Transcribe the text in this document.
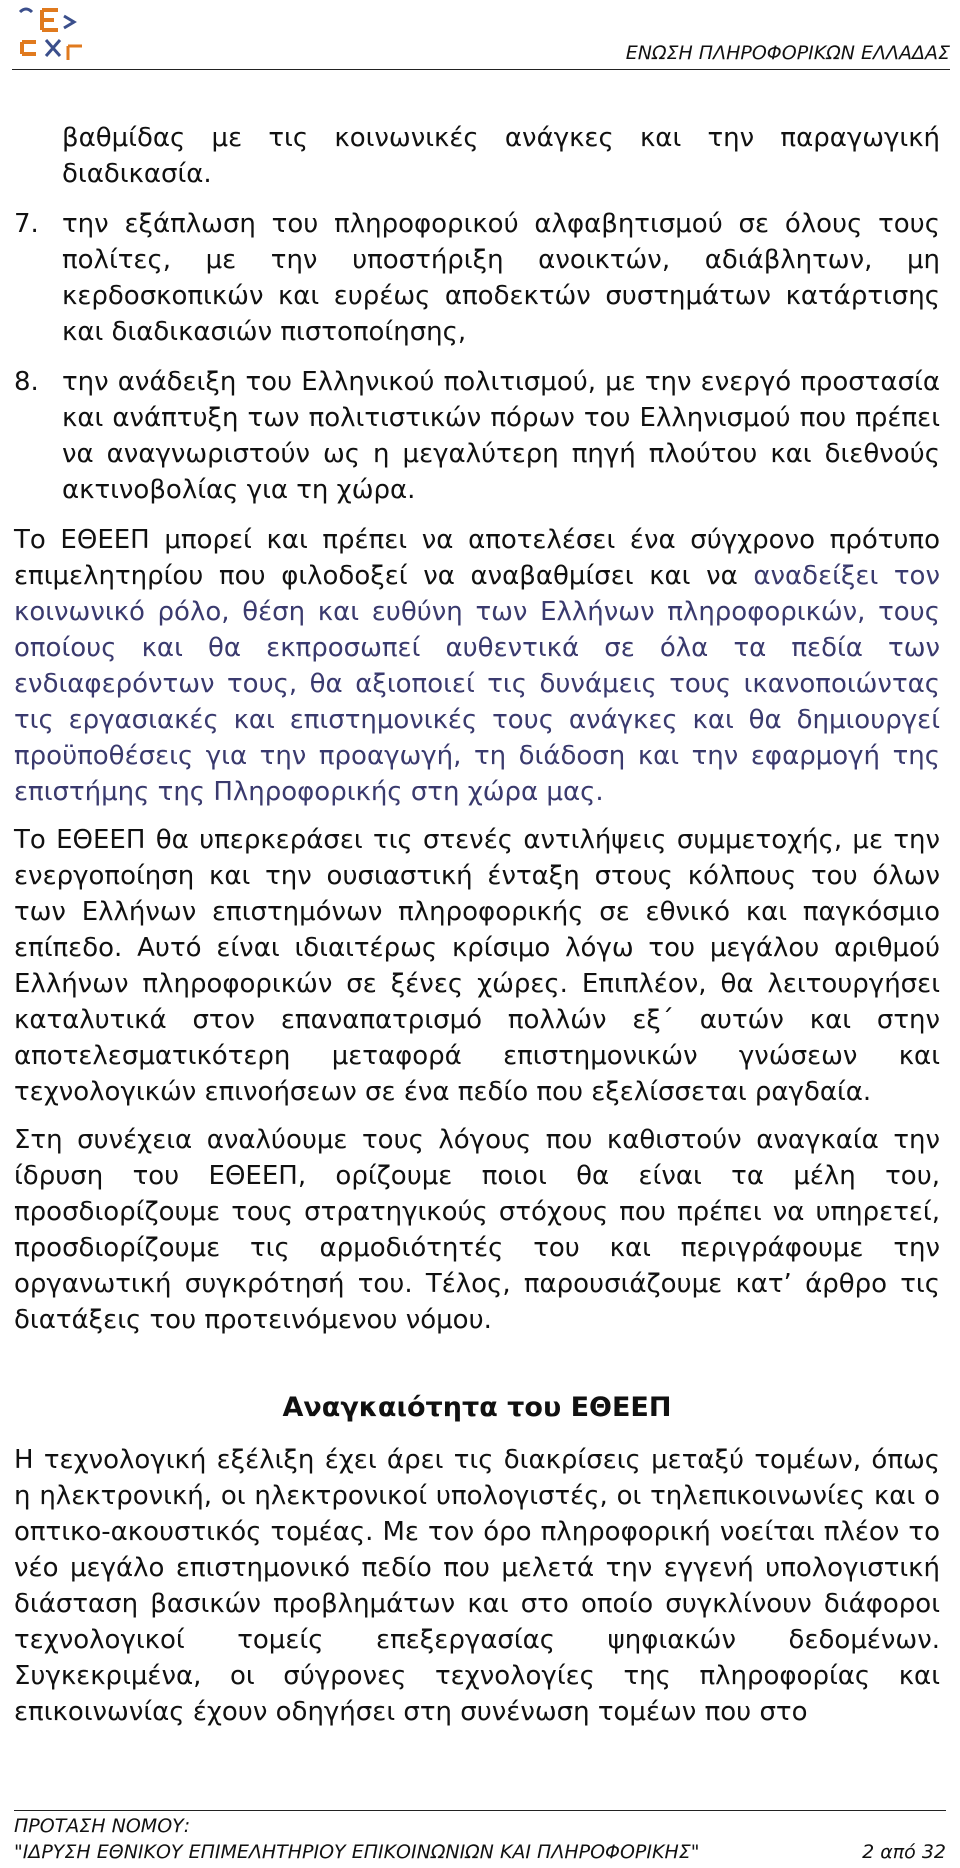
ΕΝΩΣΗ ΠΛΗΡΟΦΟΡΙΚΩΝ ΕΛΛΑΔΑΣ
βαθμίδας με τις κοινωνικές ανάγκες και την παραγωγική διαδικασία.
7. την εξάπλωση του πληροφορικού αλφαβητισμού σε όλους τους πολίτες, με την υποστήριξη ανοικτών, αδιάβλητων, μη κερδοσκοπικών και ευρέως αποδεκτών συστημάτων κατάρτισης και διαδικασιών πιστοποίησης,
8. την ανάδειξη του Ελληνικού πολιτισμού, με την ενεργό προστασία και ανάπτυξη των πολιτιστικών πόρων του Ελληνισμού που πρέπει να αναγνωριστούν ως η μεγαλύτερη πηγή πλούτου και διεθνούς ακτινοβολίας για τη χώρα.

Το ΕΘΕΕΠ μπορεί και πρέπει να αποτελέσει ένα σύγχρονο πρότυπο επιμελητηρίου που φιλοδοξεί να αναβαθμίσει και να αναδείξει τον κοινωνικό ρόλο, θέση και ευθύνη των Ελλήνων πληροφορικών, τους οποίους και θα εκπροσωπεί αυθεντικά σε όλα τα πεδία των ενδιαφερόντων τους, θα αξιοποιεί τις δυνάμεις τους ικανοποιώντας τις εργασιακές και επιστημονικές τους ανάγκες και θα δημιουργεί προϋποθέσεις για την προαγωγή, τη διάδοση και την εφαρμογή της επιστήμης της Πληροφορικής στη χώρα μας.

Το ΕΘΕΕΠ θα υπερκεράσει τις στενές αντιλήψεις συμμετοχής, με την ενεργοποίηση και την ουσιαστική ένταξη στους κόλπους του όλων των Ελλήνων επιστημόνων πληροφορικής σε εθνικό και παγκόσμιο επίπεδο. Αυτό είναι ιδιαιτέρως κρίσιμο λόγω του μεγάλου αριθμού Ελλήνων πληροφορικών σε ξένες χώρες. Επιπλέον, θα λειτουργήσει καταλυτικά στον επαναπατρισμό πολλών εξ΄ αυτών και στην αποτελεσματικότερη μεταφορά επιστημονικών γνώσεων και τεχνολογικών επινοήσεων σε ένα πεδίο που εξελίσσεται ραγδαία.

Στη συνέχεια αναλύουμε τους λόγους που καθιστούν αναγκαία την ίδρυση του ΕΘΕΕΠ, ορίζουμε ποιοι θα είναι τα μέλη του, προσδιορίζουμε τους στρατηγικούς στόχους που πρέπει να υπηρετεί, προσδιορίζουμε τις αρμοδιότητές του και περιγράφουμε την οργανωτική συγκρότησή του. Τέλος, παρουσιάζουμε κατ’ άρθρο τις διατάξεις του προτεινόμενου νόμου.

Αναγκαιότητα του ΕΘΕΕΠ

Η τεχνολογική εξέλιξη έχει άρει τις διακρίσεις μεταξύ τομέων, όπως η ηλεκτρονική, οι ηλεκτρονικοί υπολογιστές, οι τηλεπικοινωνίες και ο οπτικο-ακουστικός τομέας. Με τον όρο πληροφορική νοείται πλέον το νέο μεγάλο επιστημονικό πεδίο που μελετά την εγγενή υπολογιστική διάσταση βασικών προβλημάτων και στο οποίο συγκλίνουν διάφοροι τεχνολογικοί τομείς επεξεργασίας ψηφιακών δεδομένων. Συγκεκριμένα, οι σύγρονες τεχνολογίες της πληροφορίας και επικοινωνίας έχουν οδηγήσει στη συνένωση τομέων που στο

ΠΡΟΤΑΣΗ ΝΟΜΟΥ:
"ΙΔΡΥΣΗ ΕΘΝΙΚΟΥ ΕΠΙΜΕΛΗΤΗΡΙΟΥ ΕΠΙΚΟΙΝΩΝΙΩΝ ΚΑΙ ΠΛΗΡΟΦΟΡΙΚΗΣ"	2 από 32
